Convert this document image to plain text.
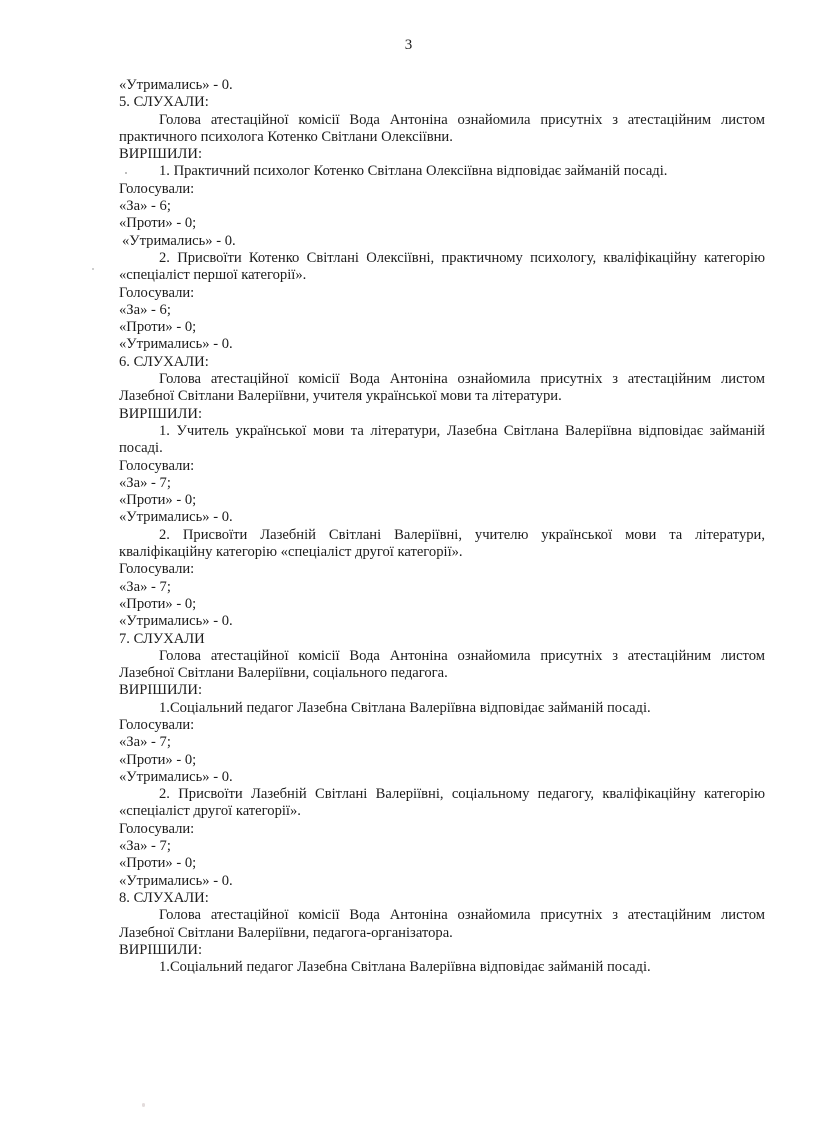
3

«Утримались» - 0.

5. СЛУХАЛИ:

Голова атестаційної комісії Вода Антоніна ознайомила присутніх з атестаційним листом практичного психолога Котенко Світлани Олексіївни.

ВИРІШИЛИ:

1. Практичний психолог Котенко Світлана Олексіївна відповідає займаній посаді.

Голосували:

«За» - 6;

«Проти» - 0;

«Утримались» - 0.

2. Присвоїти Котенко Світлані Олексіївні, практичному психологу, кваліфікаційну категорію «спеціаліст першої категорії».

Голосували:

«За» - 6;

«Проти» - 0;

«Утримались» - 0.

6. СЛУХАЛИ:

Голова атестаційної комісії Вода Антоніна ознайомила присутніх з атестаційним листом Лазебної Світлани Валеріївни, учителя української мови та літератури.

ВИРІШИЛИ:

1. Учитель української мови та літератури, Лазебна Світлана Валеріївна відповідає займаній посаді.

Голосували:

«За» - 7;

«Проти» - 0;

«Утримались» - 0.

2. Присвоїти Лазебній Світлані Валеріївні, учителю української мови та літератури, кваліфікаційну категорію «спеціаліст другої категорії».

Голосували:

«За» - 7;

«Проти» - 0;

«Утримались» - 0.

7. СЛУХАЛИ

Голова атестаційної комісії Вода Антоніна ознайомила присутніх з атестаційним листом Лазебної Світлани Валеріївни, соціального педагога.

ВИРІШИЛИ:

1.Соціальний педагог Лазебна Світлана Валеріївна відповідає займаній посаді.

Голосували:

«За» - 7;

«Проти» - 0;

«Утримались» - 0.

2. Присвоїти Лазебній Світлані Валеріївні, соціальному педагогу, кваліфікаційну категорію «спеціаліст другої категорії».

Голосували:

«За» - 7;

«Проти» - 0;

«Утримались» - 0.

8. СЛУХАЛИ:

Голова атестаційної комісії Вода Антоніна ознайомила присутніх з атестаційним листом Лазебної Світлани Валеріївни, педагога-організатора.

ВИРІШИЛИ:

1.Соціальний педагог Лазебна Світлана Валеріївна відповідає займаній посаді.
